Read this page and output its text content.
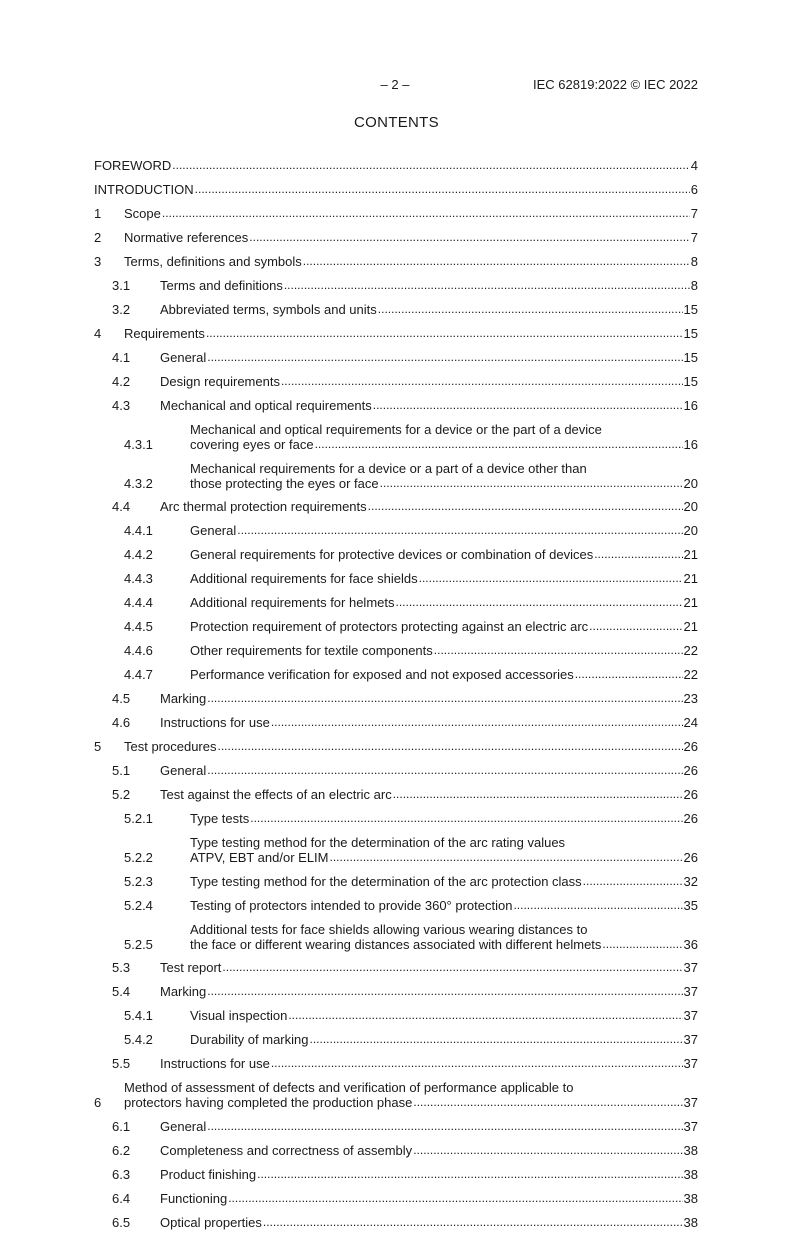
– 2 –	IEC 62819:2022 © IEC 2022
CONTENTS
FOREWORD .....	4
INTRODUCTION .....	6
1	Scope .....	7
2	Normative references .....	7
3	Terms, definitions and symbols .....	8
3.1	Terms and definitions .....	8
3.2	Abbreviated terms, symbols and units .....	15
4	Requirements .....	15
4.1	General .....	15
4.2	Design requirements .....	15
4.3	Mechanical and optical requirements .....	16
4.3.1
Mechanical and optical requirements for a device or the part of a device
covering eyes or face .....	16
4.3.2
Mechanical requirements for a device or a part of a device other than
those protecting the eyes or face .....	20
4.4	Arc thermal protection requirements .....	20
4.4.1	General .....	20
4.4.2	General requirements for protective devices or combination of devices .....	21
4.4.3	Additional requirements for face shields .....	21
4.4.4	Additional requirements for helmets .....	21
4.4.5	Protection requirement of protectors protecting against an electric arc .....	21
4.4.6	Other requirements for textile components .....	22
4.4.7	Performance verification for exposed and not exposed accessories .....	22
4.5	Marking .....	23
4.6	Instructions for use .....	24
5	Test procedures .....	26
5.1	General .....	26
5.2	Test against the effects of an electric arc .....	26
5.2.1	Type tests .....	26
5.2.2
Type testing method for the determination of the arc rating values
ATPV, EBT and/or ELIM .....	26
5.2.3	Type testing method for the determination of the arc protection class .....	32
5.2.4	Testing of protectors intended to provide 360° protection .....	35
5.2.5
Additional tests for face shields allowing various wearing distances to
the face or different wearing distances associated with different helmets .....	36
5.3	Test report .....	37
5.4	Marking .....	37
5.4.1	Visual inspection .....	37
5.4.2	Durability of marking .....	37
5.5	Instructions for use .....	37
6
Method of assessment of defects and verification of performance applicable to
protectors having completed the production phase .....	37
6.1	General .....	37
6.2	Completeness and correctness of assembly .....	38
6.3	Product finishing .....	38
6.4	Functioning .....	38
6.5	Optical properties .....	38
